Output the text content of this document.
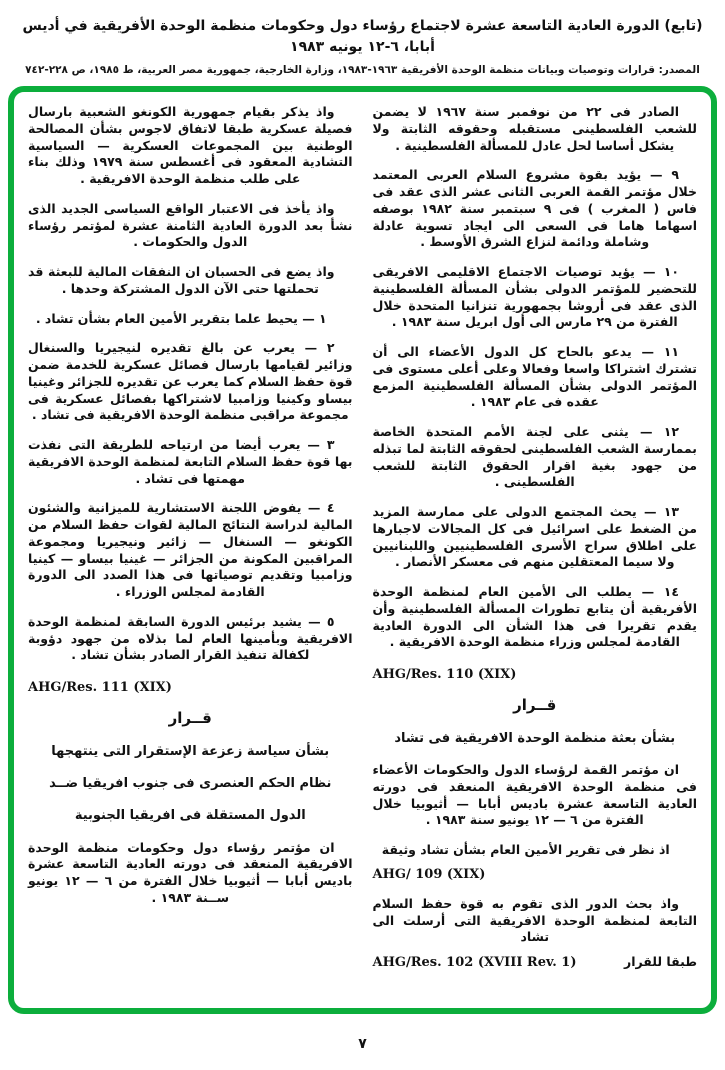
(تابع) الدورة العادية التاسعة عشرة لاجتماع رؤساء دول وحكومات منظمة الوحدة الأفريقية في أديس أبابا، ٦-١٢ يونيه ١٩٨٣
المصدر: قرارات وتوصيات وبيانات منظمة الوحدة الأفريقية ١٩٦٣-١٩٨٣، وزارة الخارجية، جمهورية مصر العربية، ط ١٩٨٥، ص ٢٢٨-٧٤٢

الصادر فى ٢٢ من نوفمبر سنة ١٩٦٧ لا يضمن للشعب الفلسطينى مستقبله وحقوقه الثابتة ولا يشكل أساسا لحل عادل للمسألة الفلسطينية .

٩ — يؤيد بقوة مشروع السلام العربى المعتمد خلال مؤتمر القمة العربى الثانى عشر الذى عقد فى فاس ( المغرب ) فى ٩ سبتمبر سنة ١٩٨٢ بوصفه اسهاما هاما فى السعى الى ايجاد تسوية عادلة وشاملة ودائمة لنزاع الشرق الأوسط .

١٠ — يؤيد توصيات الاجتماع الاقليمى الافريقى للتحضير للمؤتمر الدولى بشأن المسألة الفلسطينية الذى عقد فى أروشا بجمهورية تنزانيا المتحدة خلال الفترة من ٢٩ مارس الى أول ابريل سنة ١٩٨٣ .

١١ — يدعو بالحاح كل الدول الأعضاء الى أن تشترك اشتراكا واسعا وفعالا وعلى أعلى مستوى فى المؤتمر الدولى بشأن المسألة الفلسطينية المزمع عقده فى عام ١٩٨٣ .

١٢ — يثنى على لجنة الأمم المتحدة الخاصة بممارسة الشعب الفلسطينى لحقوقه الثابتة لما تبذله من جهود بغية اقرار الحقوق الثابتة للشعب الفلسطينى .

١٣ — يحث المجتمع الدولى على ممارسة المزيد من الضغط على اسرائيل فى كل المجالات لاجبارها على اطلاق سراح الأسرى الفلسطينيين واللبنانيين ولا سيما المعتقلين منهم فى معسكر الأنصار .

١٤ — يطلب الى الأمين العام لمنظمة الوحدة الأفريقية أن يتابع تطورات المسألة الفلسطينية وأن يقدم تقريرا فى هذا الشأن الى الدورة العادية القادمة لمجلس وزراء منظمة الوحدة الافريقية .

AHG/Res. 110 (XIX)
قــرار
بشأن بعثة منظمة الوحدة الافريقية فى تشاد

ان مؤتمر القمة لرؤساء الدول والحكومات الأعضاء فى منظمة الوحدة الافريقية المنعقد فى دورته العادية التاسعة عشرة باديس أبابا — أثيوبيا خلال الفترة من ٦ — ١٢ يونيو سنة ١٩٨٣ .

اذ نظر فى تقرير الأمين العام بشأن تشاد وثيقة

AHG/ 109 (XIX)

واذ بحث الدور الذى تقوم به قوة حفظ السلام التابعة لمنظمة الوحدة الافريقية التى أرسلت الى تشاد

AHG/Res. 102 (XVIII Rev. 1)	طبقا للقرار

واذ يذكر بقيام جمهورية الكونغو الشعبية بارسال فصيلة عسكرية طبقا لاتفاق لاجوس بشأن المصالحة الوطنية بين المجموعات العسكرية — السياسية التشادية المعقود فى أغسطس سنة ١٩٧٩ وذلك بناء على طلب منظمة الوحدة الافريقية .

واذ يأخذ فى الاعتبار الواقع السياسى الجديد الذى نشأ بعد الدورة العادية الثامنة عشرة لمؤتمر رؤساء الدول والحكومات .

واذ يضع فى الحسبان ان النفقات المالية للبعثة قد تحملتها حتى الآن الدول المشتركة وحدها .

١ — يحيط علما بتقرير الأمين العام بشأن تشاد .

٢ — يعرب عن بالغ تقديره لنيجيريا والسنغال وزائير لقيامها بارسال فصائل عسكرية للخدمة ضمن قوة حفظ السلام كما يعرب عن تقديره للجزائر وغينيا بيساو وكينيا وزامبيا لاشتراكها بفصائل عسكرية فى مجموعة مراقبى منظمة الوحدة الافريقية فى تشاد .

٣ — يعرب أيضا من ارتياحه للطريقة التى نفذت بها قوة حفظ السلام التابعة لمنظمة الوحدة الافريقية مهمتها فى تشاد .

٤ — يفوض اللجنة الاستشارية للميزانية والشئون المالية لدراسة النتائج المالية لقوات حفظ السلام من الكونغو — السنغال — زائير ونيجيريا ومجموعة المراقبين المكونة من الجزائر — غينيا بيساو — كينيا وزامبيا وتقديم توصياتها فى هذا الصدد الى الدورة القادمة لمجلس الوزراء .

٥ — يشيد برئيس الدورة السابقة لمنظمة الوحدة الافريقية وبأمينها العام لما بذلاه من جهود دؤوبة لكفالة تنفيذ القرار الصادر بشأن تشاد .

AHG/Res. 111 (XIX)
قــرار
بشأن سياسة زعزعة الإستقرار التى ينتهجها
نظام الحكم العنصرى فى جنوب افريقيا ضــد
الدول المستقلة فى افريقيا الجنوبية

ان مؤتمر رؤساء دول وحكومات منظمة الوحدة الافريقية المنعقد فى دورته العادية التاسعة عشرة باديس أبابا — أثيوبيا خلال الفترة من ٦ — ١٢ يونيو ســنة ١٩٨٣ .

٧
